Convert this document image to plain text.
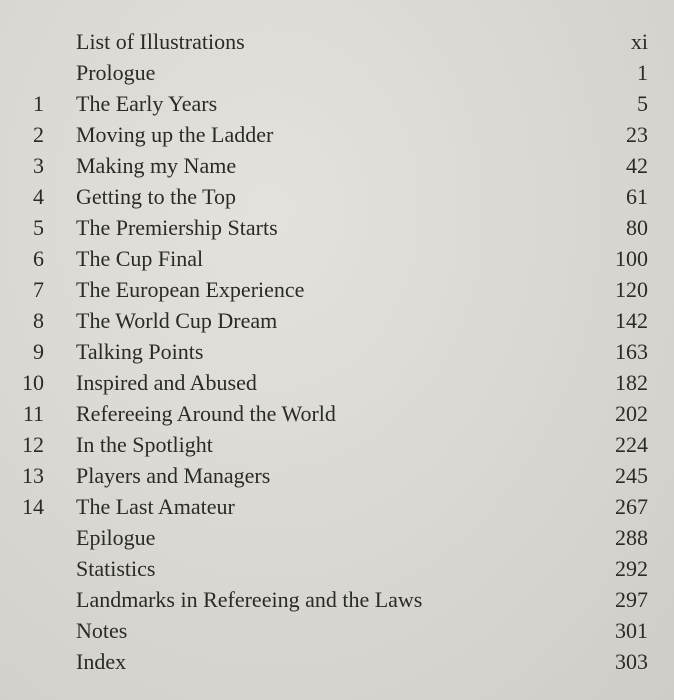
List of Illustrations	xi
Prologue	1
1 The Early Years	5
2 Moving up the Ladder	23
3 Making my Name	42
4 Getting to the Top	61
5 The Premiership Starts	80
6 The Cup Final	100
7 The European Experience	120
8 The World Cup Dream	142
9 Talking Points	163
10 Inspired and Abused	182
11 Refereeing Around the World	202
12 In the Spotlight	224
13 Players and Managers	245
14 The Last Amateur	267
Epilogue	288
Statistics	292
Landmarks in Refereeing and the Laws	297
Notes	301
Index	303
